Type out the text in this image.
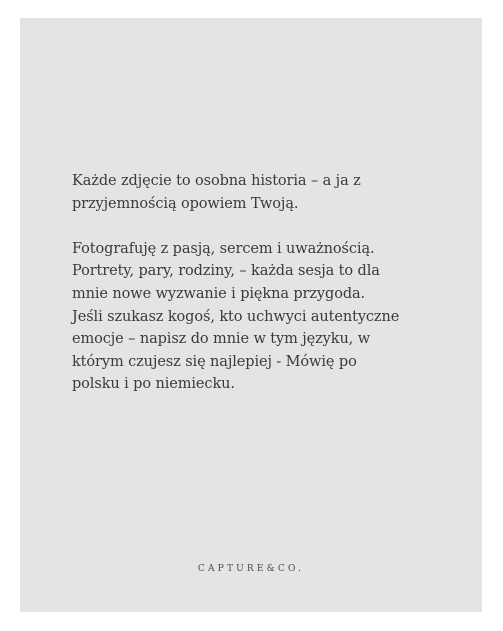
Każde zdjęcie to osobna historia – a ja z
przyjemnością opowiem Twoją.

Fotografuję z pasją, sercem i uważnością.
Portrety, pary, rodziny, – każda sesja to dla
mnie nowe wyzwanie i piękna przygoda.
Jeśli szukasz kogoś, kto uchwyci autentyczne
emocje – napisz do mnie w tym języku, w
którym czujesz się najlepiej - Mówię po
polsku i po niemiecku.

CAPTURE&CO.
